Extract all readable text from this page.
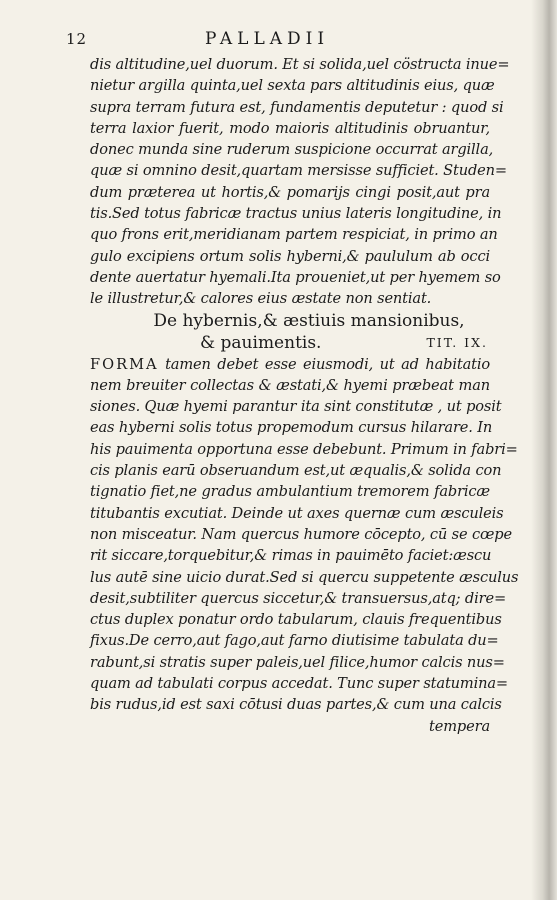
12	PALLADII
dis altitudine,uel duorum. Et si solida,uel cöstructa inue=
nietur argilla quinta,uel sexta pars altitudinis eius, quæ
supra terram futura est, fundamentis deputetur : quod si
terra laxior fuerit, modo maioris altitudinis obruantur,
donec munda sine ruderum suspicione occurrat argilla,
quæ si omnino desit,quartam mersisse sufficiet. Studen=
dum præterea ut hortis,& pomarijs cingi posit,aut pra
tis.Sed totus fabricæ tractus unius lateris longitudine, in
quo frons erit,meridianam partem respiciat, in primo an
gulo excipiens ortum solis hyberni,& paululum ab occi
dente auertatur hyemali.Ita proueniet,ut per hyemem so
le illustretur,& calores eius æstate non sentiat.
De hybernis,& æstiuis mansionibus,
& pauimentis.	TIT. IX.
FORMA tamen debet esse eiusmodi, ut ad habitatio
nem breuiter collectas & æstati,& hyemi præbeat man
siones. Quæ hyemi parantur ita sint constitutæ , ut posit
eas hyberni solis totus propemodum cursus hilarare. In
his pauimenta opportuna esse debebunt. Primum in fabri=
cis planis earū obseruandum est,ut æqualis,& solida con
tignatio fiet,ne gradus ambulantium tremorem fabricæ
titubantis excutiat. Deinde ut axes quernæ cum æsculeis
non misceatur. Nam quercus humore cōcepto, cū se cœpe
rit siccare,torquebitur,& rimas in pauimēto faciet:æscu
lus autē sine uicio durat.Sed si quercu suppetente æsculus
desit,subtiliter quercus siccetur,& transuersus,atq; dire=
ctus duplex ponatur ordo tabularum, clauis frequentibus
fixus.De cerro,aut fago,aut farno diutisime tabulata du=
rabunt,si stratis super paleis,uel filice,humor calcis nus=
quam ad tabulati corpus accedat. Tunc super statumina=
bis rudus,id est saxi cōtusi duas partes,& cum una calcis
tempera
